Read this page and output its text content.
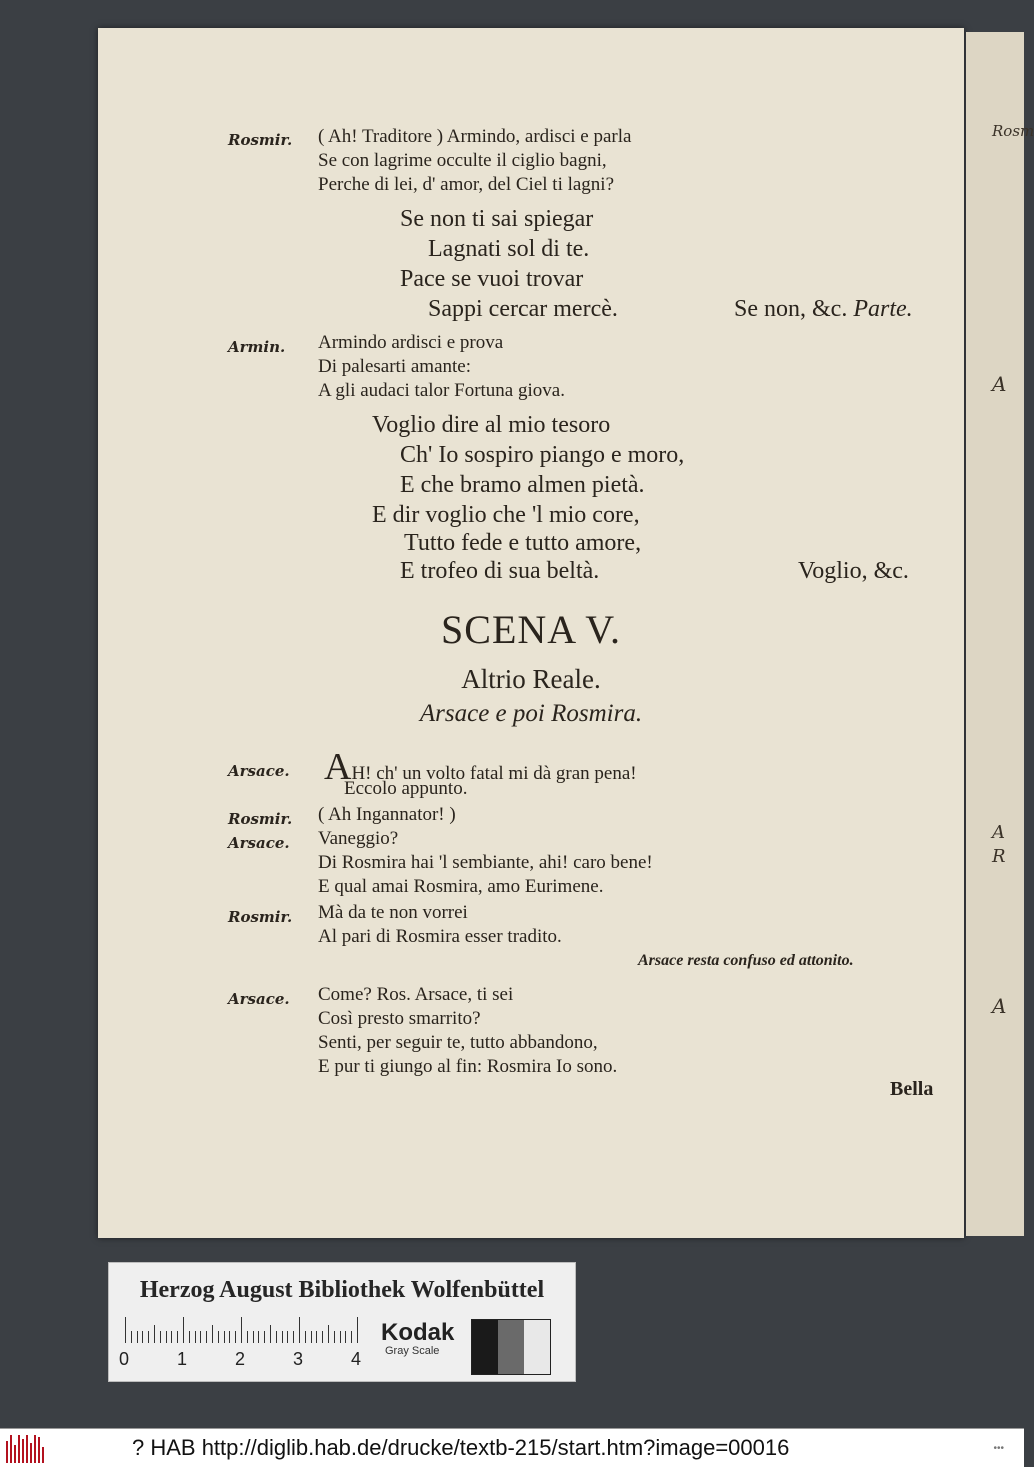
Rosmir. ( Ah! Traditore ) Armindo, ardisci e parla
Se con lagrime occulte il ciglio bagni,
Perche di lei, d' amor, del Ciel ti lagni?
Se non ti sai spiegar
Lagnati sol di te.
Pace se vuoi trovar
Sappi cercar mercè.	Se non, &c. Parte.
Armin. Armindo ardisci e prova
Di palesarti amante:
A gli audaci talor Fortuna giova.
Voglio dire al mio tesoro
Ch' Io sospiro piango e moro,
E che bramo almen pietà.
E dir voglio che 'l mio core,
Tutto fede e tutto amore,
E trofeo di sua beltà.	Voglio, &c.
SCENA V.
Altrio Reale.
Arsace e poi Rosmira.
Arsace. AH! ch' un volto fatal mi dà gran pena!
Eccolo appunto.
Rosmir. ( Ah Ingannator! )
Arsace. Vaneggio?
Di Rosmira hai 'l sembiante, ahi! caro bene!
E qual amai Rosmira, amo Eurimene.
Rosmir. Mà da te non vorrei
Al pari di Rosmira esser tradito.
Arsace resta confuso ed attonito.
Arsace. Come? Ros. Arsace, ti sei
Così presto smarrito?
Senti, per seguir te, tutto abbandono,
E pur ti giungo al fin: Rosmira Io sono.
Bella
Rosm
A
A
R
A
Herzog August Bibliothek Wolfenbüttel
0	1	2	3	4
Kodak
Gray Scale
? HAB http://diglib.hab.de/drucke/textb-215/start.htm?image=00016	•••
